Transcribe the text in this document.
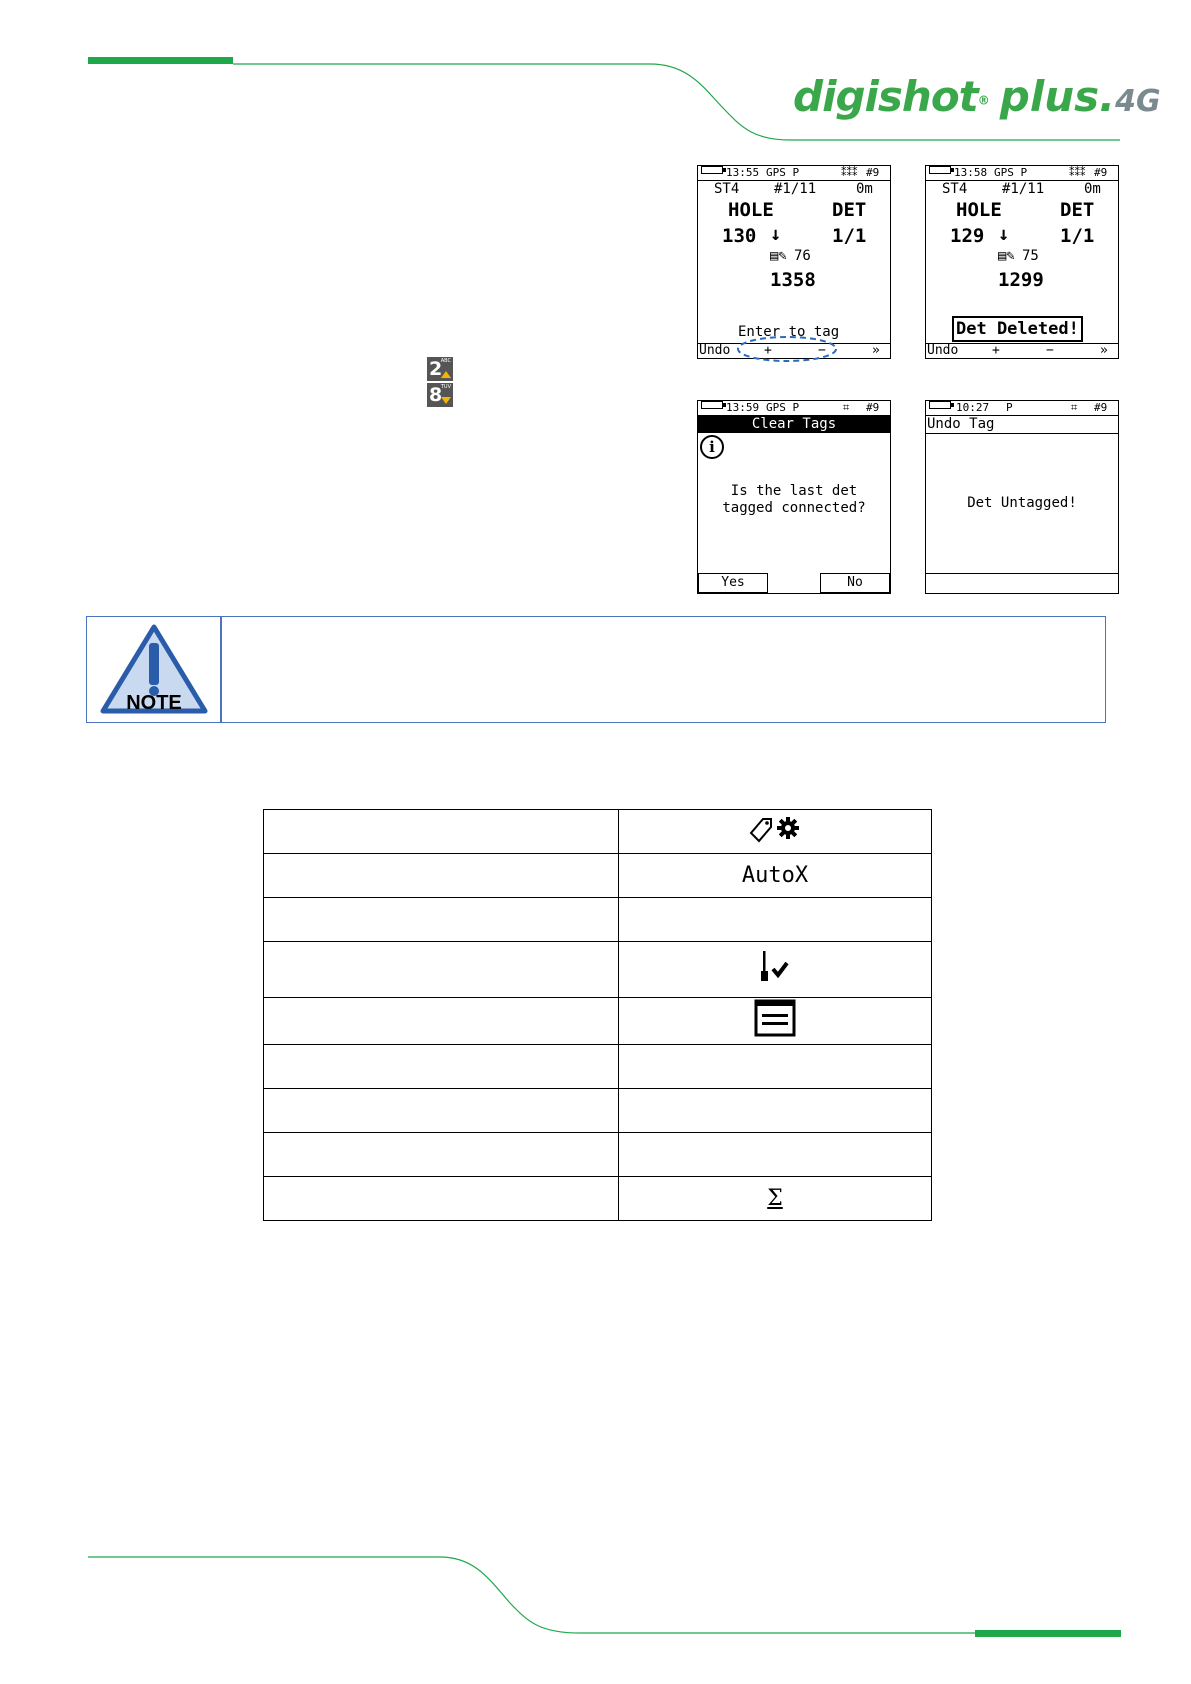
digishot® plus.4G
2
ABC
8
TUV
13:55 GPS P	⁑⁑⁑ #9
ST4 #1/11	0m
HOLE	DET
130 ↓	1/1
▤✎ 76
1358
Enter to tag
Undo	+	−	»
13:58 GPS P	⁑⁑⁑ #9
ST4 #1/11	0m
HOLE	DET
129 ↓	1/1
▤✎ 75
1299
Det Deleted!
Undo	+	−	»
13:59 GPS P	⌗ #9
Clear Tags
i
Is the last det
tagged connected?
Yes	No
10:27 P	⌗ #9
Undo Tag
Det Untagged!
NOTE

	AutoX

	Σ
